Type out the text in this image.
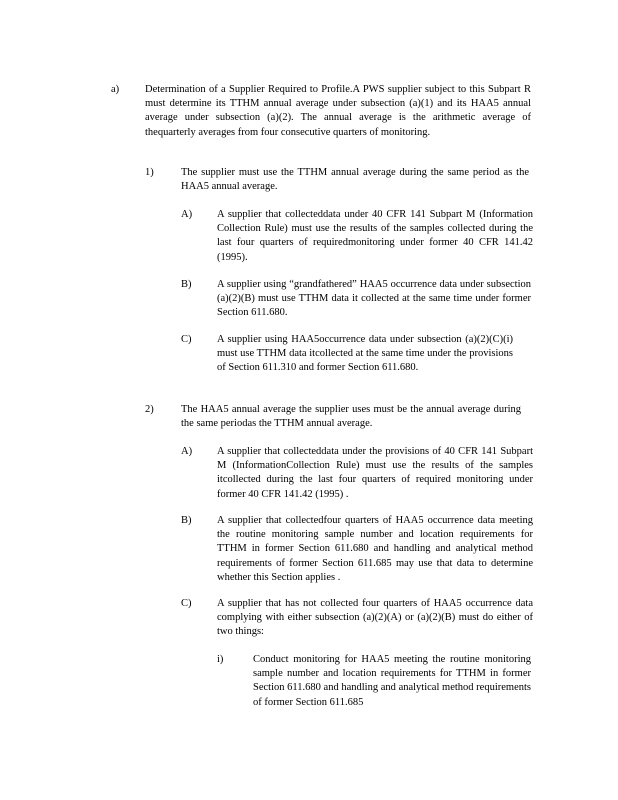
a) Determination of a Supplier Required to Profile.A PWS supplier subject to this Subpart R must determine its TTHM annual average under subsection (a)(1) and its HAA5 annual average under subsection (a)(2). The annual average is the arithmetic average of thequarterly averages from four consecutive quarters of monitoring.
1)	The supplier must use the TTHM annual average during the same period as the HAA5 annual average.
A) A supplier that collecteddata under 40 CFR 141 Subpart M (Information Collection Rule) must use the results of the samples collected during the last four quarters of requiredmonitoring under former 40 CFR 141.42 (1995).
B) A supplier using “grandfathered” HAA5 occurrence data under subsection (a)(2)(B) must use TTHM data it collected at the same time under former Section 611.680.
C) A supplier using HAA5occurrence data under subsection (a)(2)(C)(i) must use TTHM data itcollected at the same time under the provisions of Section 611.310 and former Section 611.680.
2)	The HAA5 annual average the supplier uses must be the annual average during the same periodas the TTHM annual average.
A) A supplier that collecteddata under the provisions of 40 CFR 141 Subpart M (InformationCollection Rule) must use the results of the samples itcollected during the last four quarters of required monitoring under former 40 CFR 141.42 (1995) .
B) A supplier that collectedfour quarters of HAA5 occurrence data meeting the routine monitoring sample number and location requirements for TTHM in former Section 611.680 and handling and analytical method requirements of former Section 611.685 may use that data to determine whether this Section applies .
C) A supplier that has not collected four quarters of HAA5 occurrence data complying with either subsection (a)(2)(A) or (a)(2)(B) must do either of two things:
i)	Conduct monitoring for HAA5 meeting the routine monitoring sample number and location requirements for TTHM in former Section 611.680 and handling and analytical method requirements of former Section 611.685
